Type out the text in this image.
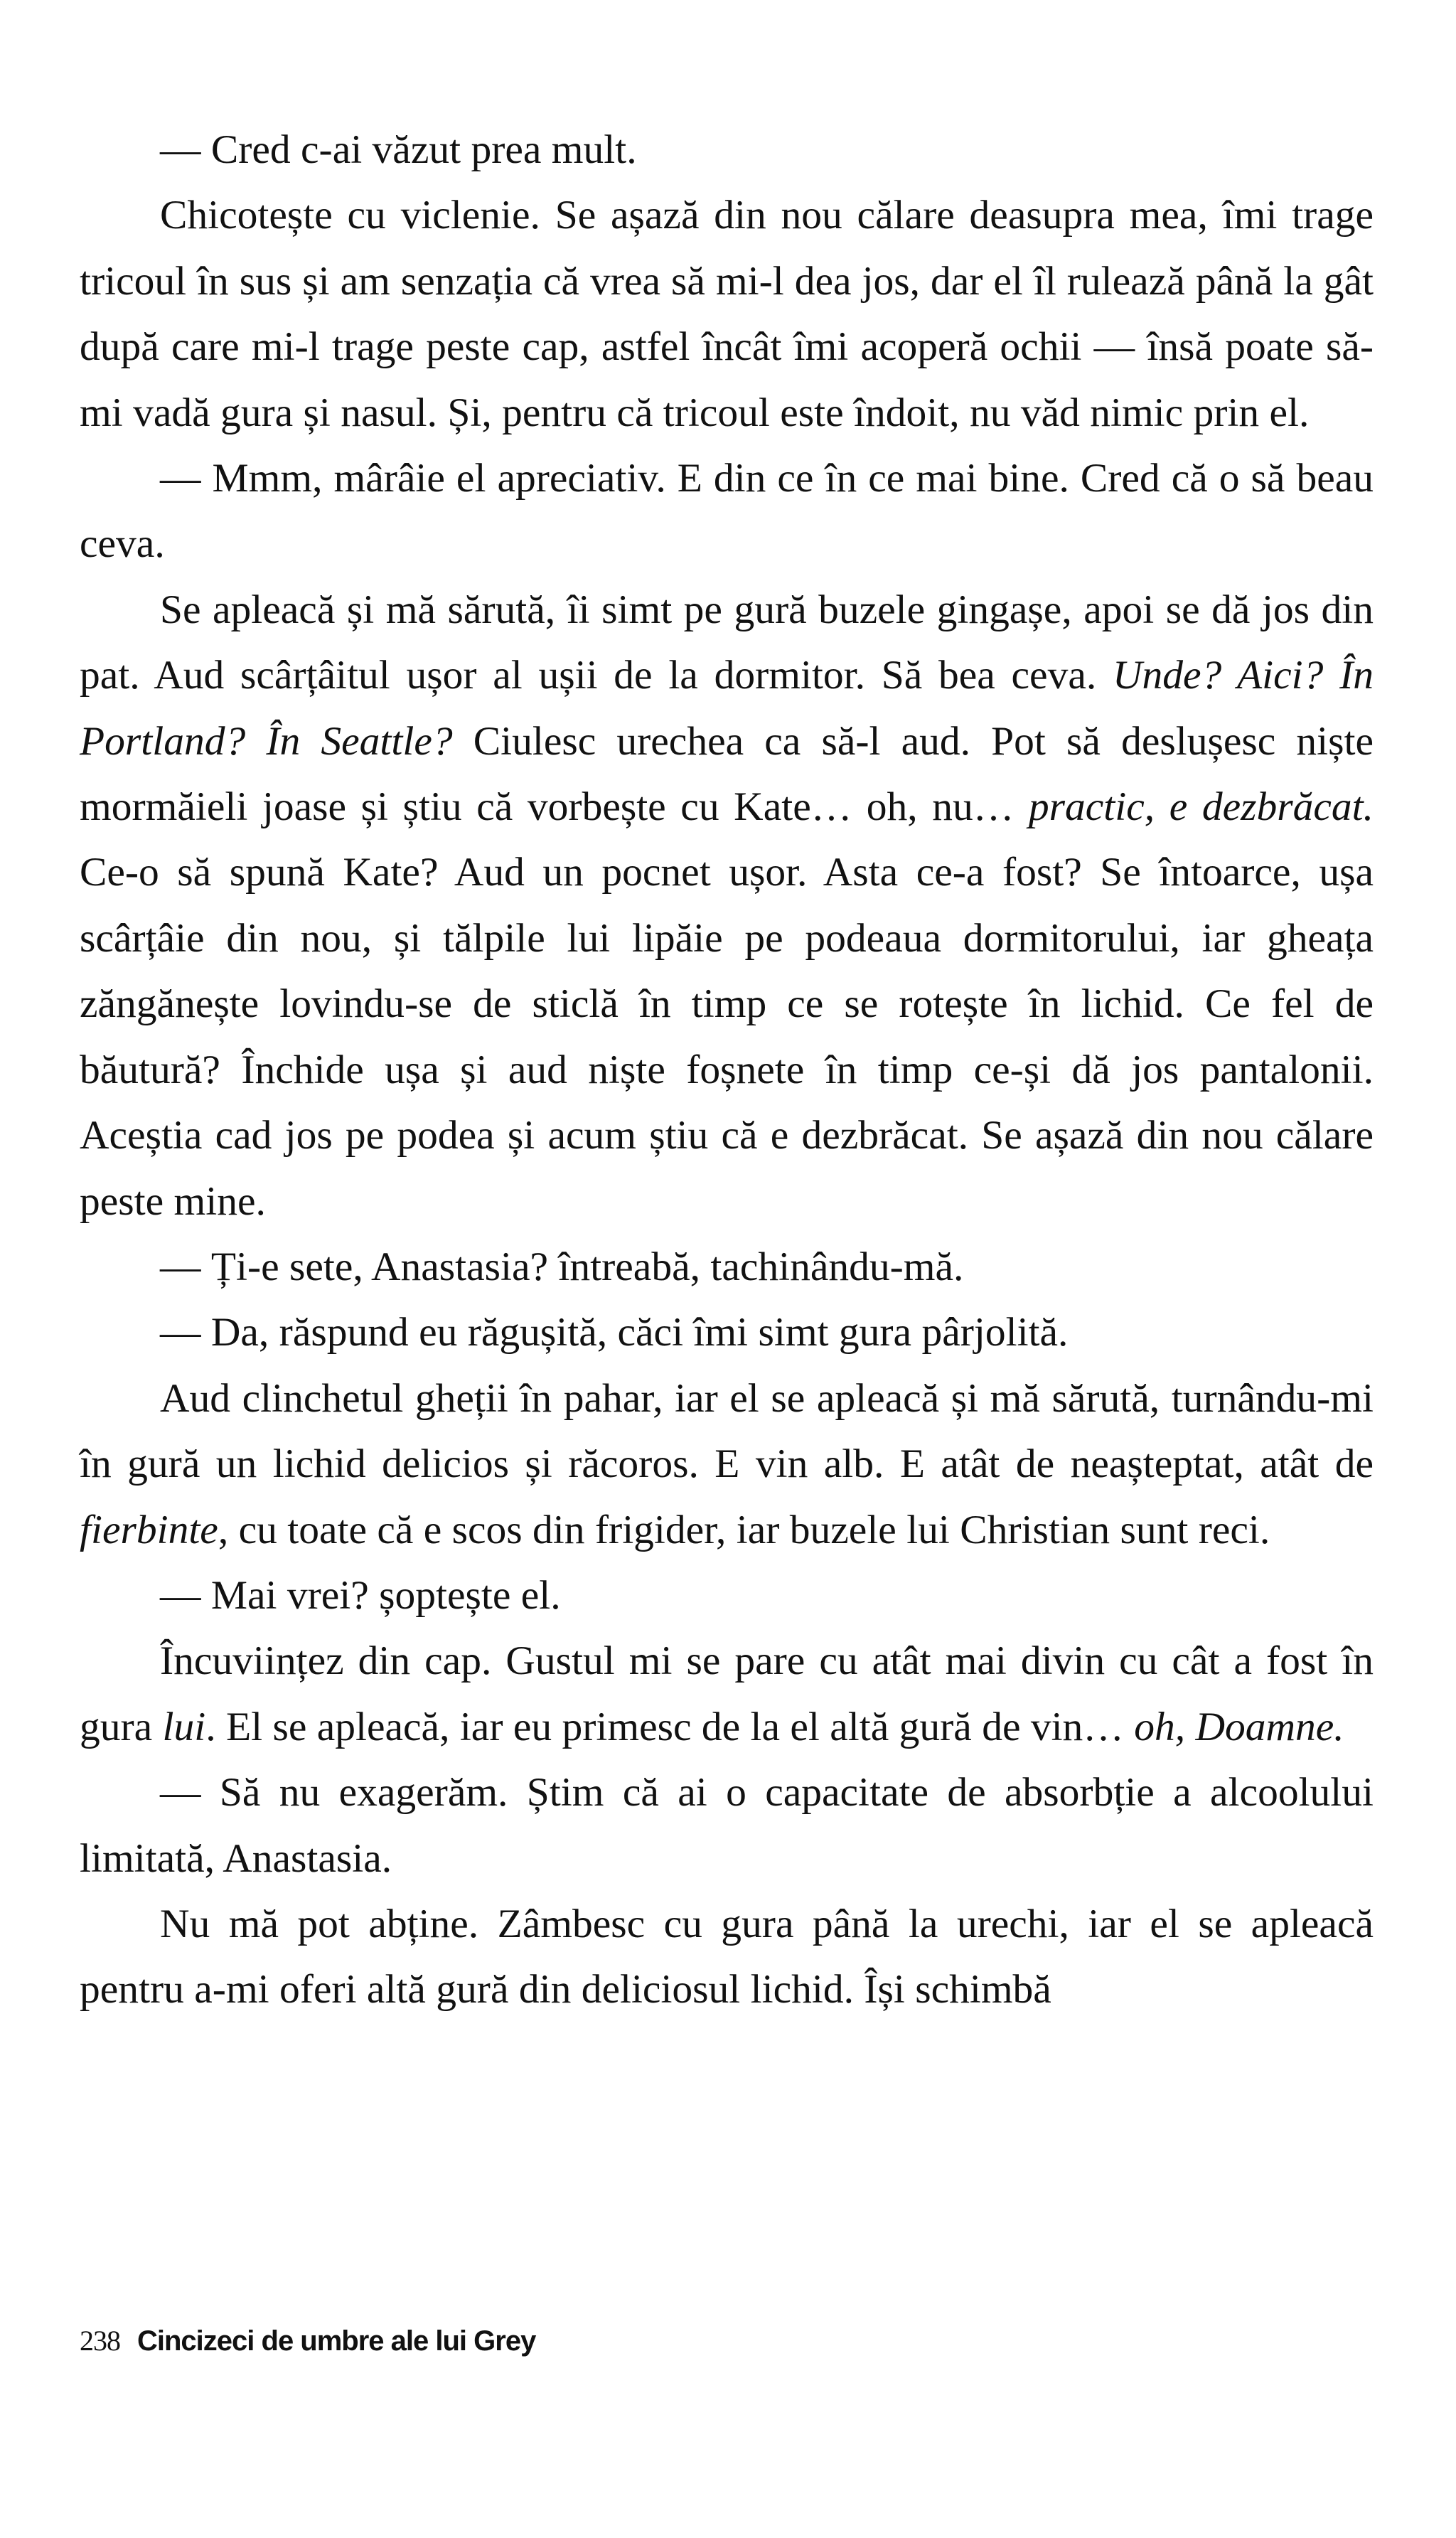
— Cred c-ai văzut prea mult.

Chicotește cu viclenie. Se așază din nou călare deasupra mea, îmi trage tricoul în sus și am senzația că vrea să mi-l dea jos, dar el îl rulează până la gât după care mi-l trage peste cap, astfel încât îmi acoperă ochii — însă poate să-mi vadă gura și nasul. Și, pentru că tricoul este îndoit, nu văd nimic prin el.

— Mmm, mârâie el apreciativ. E din ce în ce mai bine. Cred că o să beau ceva.

Se apleacă și mă sărută, îi simt pe gură buzele gingașe, apoi se dă jos din pat. Aud scârțâitul ușor al ușii de la dormitor. Să bea ceva. Unde? Aici? În Portland? În Seattle? Ciulesc urechea ca să-l aud. Pot să deslușesc niște mormăieli joase și știu că vorbește cu Kate… oh, nu… practic, e dezbrăcat. Ce-o să spună Kate? Aud un pocnet ușor. Asta ce-a fost? Se întoarce, ușa scârțâie din nou, și tălpile lui lipăie pe podeaua dormitorului, iar gheața zăngănește lovindu-se de sticlă în timp ce se rotește în lichid. Ce fel de băutură? Închide ușa și aud niște foșnete în timp ce-și dă jos pantalonii. Aceștia cad jos pe podea și acum știu că e dezbrăcat. Se așază din nou călare peste mine.

— Ți-e sete, Anastasia? întreabă, tachinându-mă.

— Da, răspund eu răgușită, căci îmi simt gura pârjolită.

Aud clinchetul gheții în pahar, iar el se apleacă și mă sărută, turnându-mi în gură un lichid delicios și răcoros. E vin alb. E atât de neașteptat, atât de fierbinte, cu toate că e scos din frigider, iar buzele lui Christian sunt reci.

— Mai vrei? șoptește el.

Încuviințez din cap. Gustul mi se pare cu atât mai divin cu cât a fost în gura lui. El se apleacă, iar eu primesc de la el altă gură de vin… oh, Doamne.

— Să nu exagerăm. Știm că ai o capacitate de absorbție a alcoolului limitată, Anastasia.

Nu mă pot abține. Zâmbesc cu gura până la urechi, iar el se apleacă pentru a-mi oferi altă gură din deliciosul lichid. Își schimbă

238 Cincizeci de umbre ale lui Grey
